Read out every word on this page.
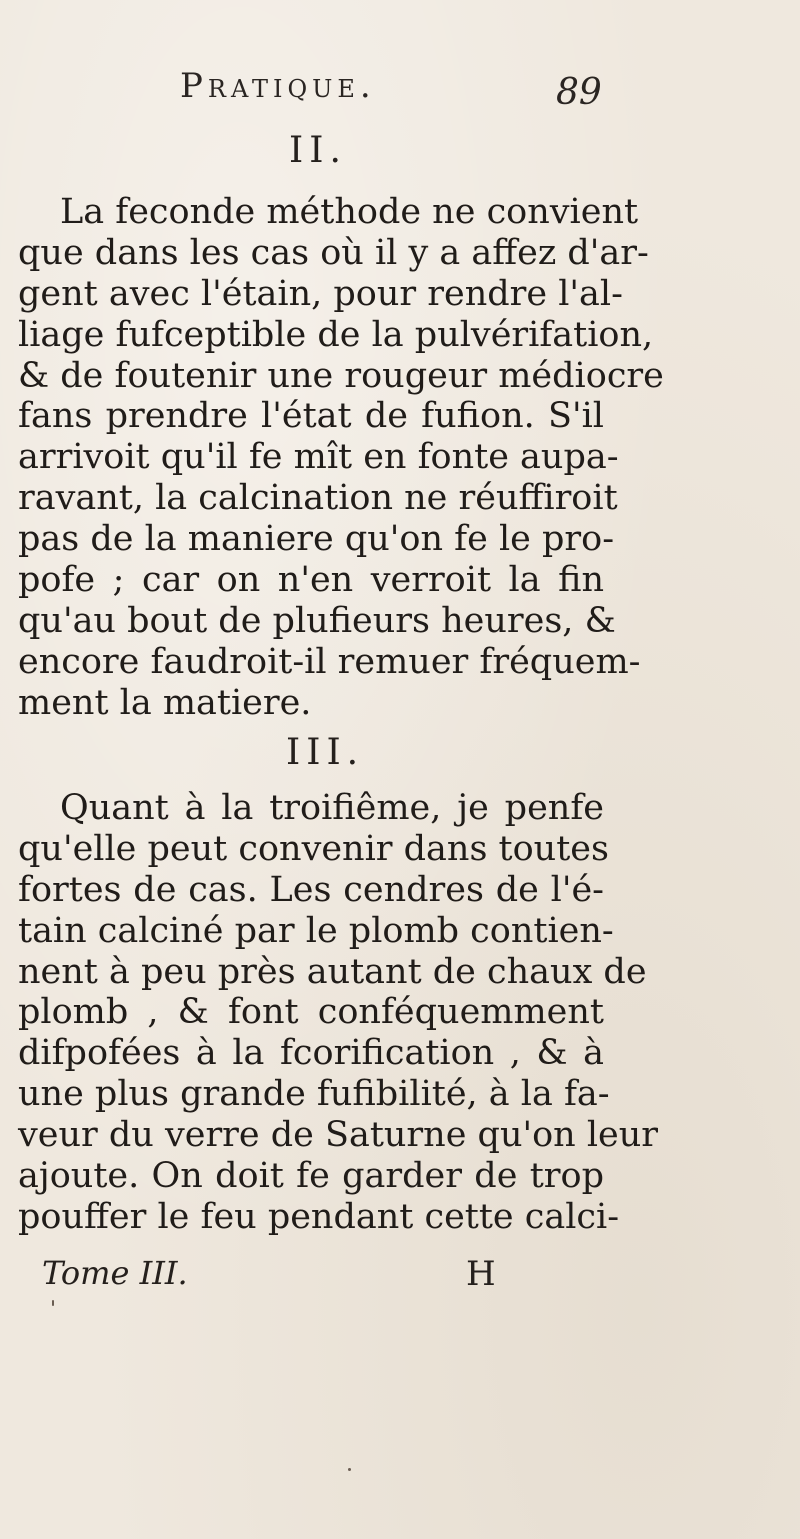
Pratique.	89
II.
La feconde méthode ne convient
que dans les cas où il y a affez d'ar-
gent avec l'étain, pour rendre l'al-
liage fufceptible de la pulvérifation,
& de foutenir une rougeur médiocre
fans prendre l'état de fufion. S'il
arrivoit qu'il fe mît en fonte aupa-
ravant, la calcination ne réuffiroit
pas de la maniere qu'on fe le pro-
pofe ; car on n'en verroit la fin
qu'au bout de plufieurs heures, &
encore faudroit-il remuer fréquem-
ment la matiere.
III.
Quant à la troifiême, je penfe
qu'elle peut convenir dans toutes
fortes de cas. Les cendres de l'é-
tain calciné par le plomb contien-
nent à peu près autant de chaux de
plomb , & font conféquemment
difpofées à la fcorification , & à
une plus grande fufibilité, à la fa-
veur du verre de Saturne qu'on leur
ajoute. On doit fe garder de trop
pouffer le feu pendant cette calci-
Tome III.	H
